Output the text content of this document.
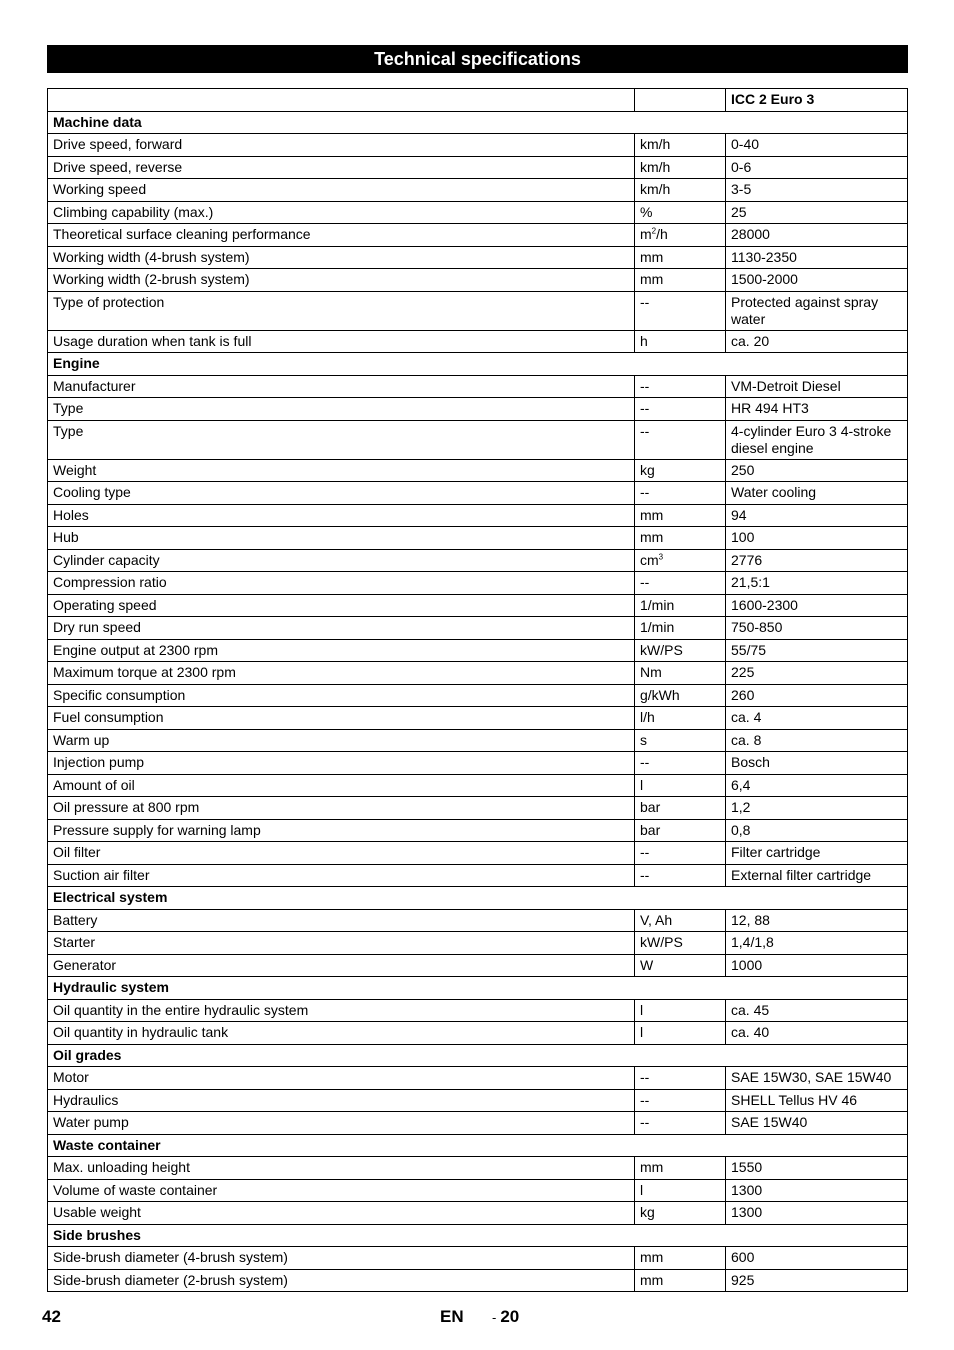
Technical specifications
		ICC 2 Euro 3
Machine data		
Drive speed, forward	km/h	0-40
Drive speed, reverse	km/h	0-6
Working speed	km/h	3-5
Climbing capability (max.)	%	25
Theoretical surface cleaning performance	$m^2/h$	28000
Working width (4-brush system)	mm	1130-2350
Working width (2-brush system)	mm	1500-2000
Type of protection	--	Protected against spray water
Usage duration when tank is full	h	ca. 20
Engine		
Manufacturer	--	VM-Detroit Diesel
Type	--	HR 494 HT3
Type	--	4-cylinder Euro 3 4-stroke diesel engine
Weight	kg	250
Cooling type	--	Water cooling
Holes	mm	94
Hub	mm	100
Cylinder capacity	$cm^3$	2776
Compression ratio	--	21,5:1
Operating speed	1/min	1600-2300
Dry run speed	1/min	750-850
Engine output at 2300 rpm	kW/PS	55/75
Maximum torque at 2300 rpm	Nm	225
Specific consumption	g/kWh	260
Fuel consumption	l/h	ca. 4
Warm up	s	ca. 8
Injection pump	--	Bosch
Amount of oil	l	6,4
Oil pressure at 800 rpm	bar	1,2
Pressure supply for warning lamp	bar	0,8
Oil filter	--	Filter cartridge
Suction air filter	--	External filter cartridge
Electrical system		
Battery	V, Ah	12, 88
Starter	kW/PS	1,4/1,8
Generator	W	1000
Hydraulic system		
Oil quantity in the entire hydraulic system	l	ca. 45
Oil quantity in hydraulic tank	l	ca. 40
Oil grades		
Motor	--	SAE 15W30, SAE 15W40
Hydraulics	--	SHELL Tellus HV 46
Water pump	--	SAE 15W40
Waste container		
Max. unloading height	mm	1550
Volume of waste container	l	1300
Usable weight	kg	1300
Side brushes		
Side-brush diameter (4-brush system)	mm	600
Side-brush diameter (2-brush system)	mm	925
42	EN - 20
